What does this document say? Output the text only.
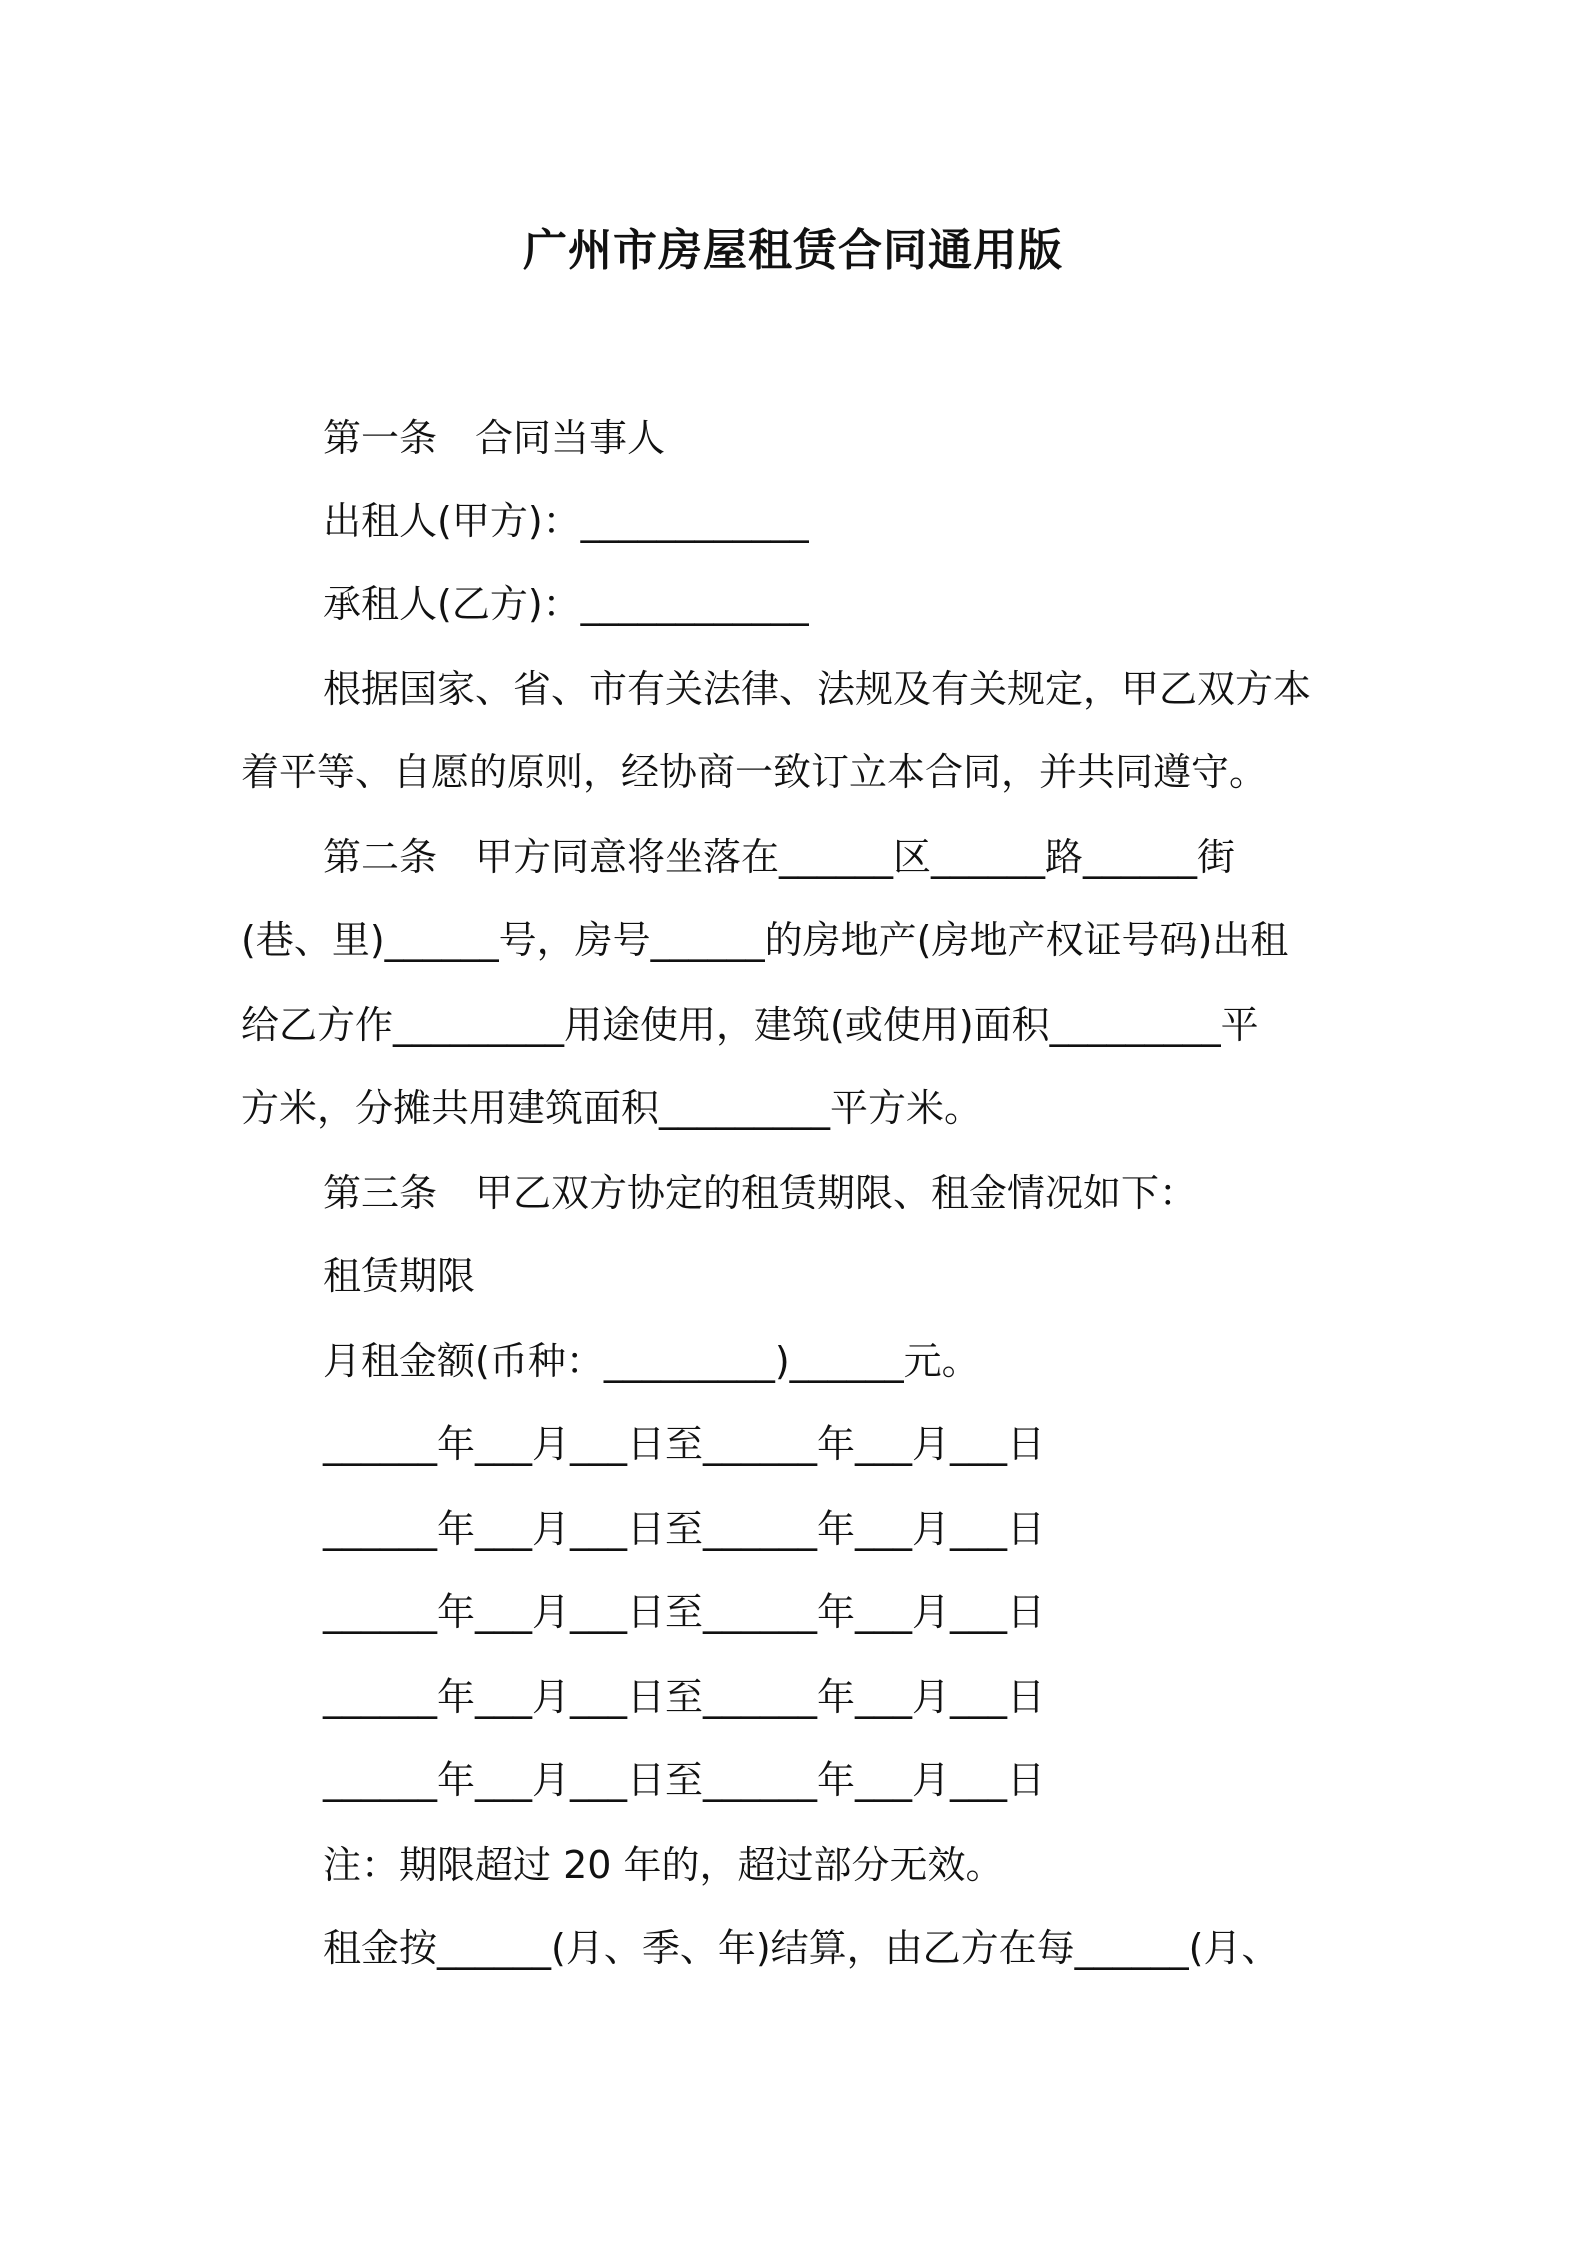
广州市房屋租赁合同通用版
第一条　合同当事人
出租人(甲方)：____________
承租人(乙方)：____________
根据国家、省、市有关法律、法规及有关规定，甲乙双方本
着平等、自愿的原则，经协商一致订立本合同，并共同遵守。
第二条　甲方同意将坐落在______区______路______街
(巷、里)______号，房号______的房地产(房地产权证号码)出租
给乙方作_________用途使用，建筑(或使用)面积_________平
方米，分摊共用建筑面积_________平方米。
第三条　甲乙双方协定的租赁期限、租金情况如下：
租赁期限
月租金额(币种：_________)______元。
______年___月___日至______年___月___日
______年___月___日至______年___月___日
______年___月___日至______年___月___日
______年___月___日至______年___月___日
______年___月___日至______年___月___日
注：期限超过 20 年的，超过部分无效。
租金按______(月、季、年)结算，由乙方在每______(月、
